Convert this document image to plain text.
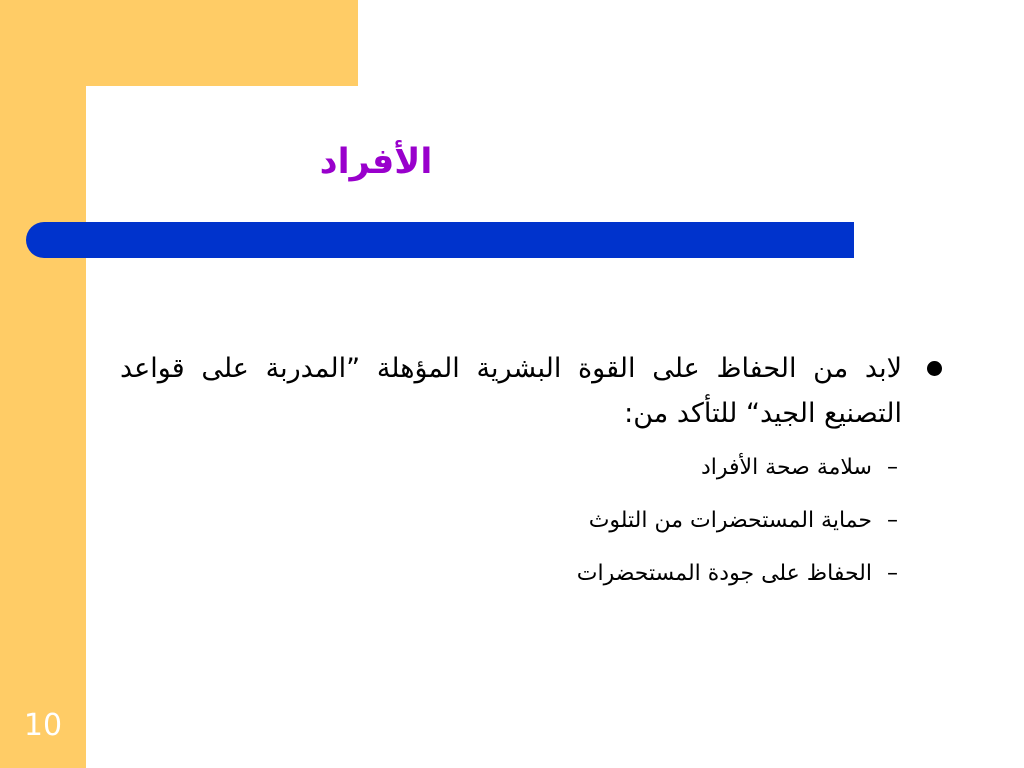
الأفراد
لابد من الحفاظ على القوة البشرية المؤهلة ”المدربة على قواعد التصنيع الجيد“ للتأكد من:
–
سلامة صحة الأفراد
–
حماية المستحضرات من التلوث
–
الحفاظ على جودة المستحضرات
10
